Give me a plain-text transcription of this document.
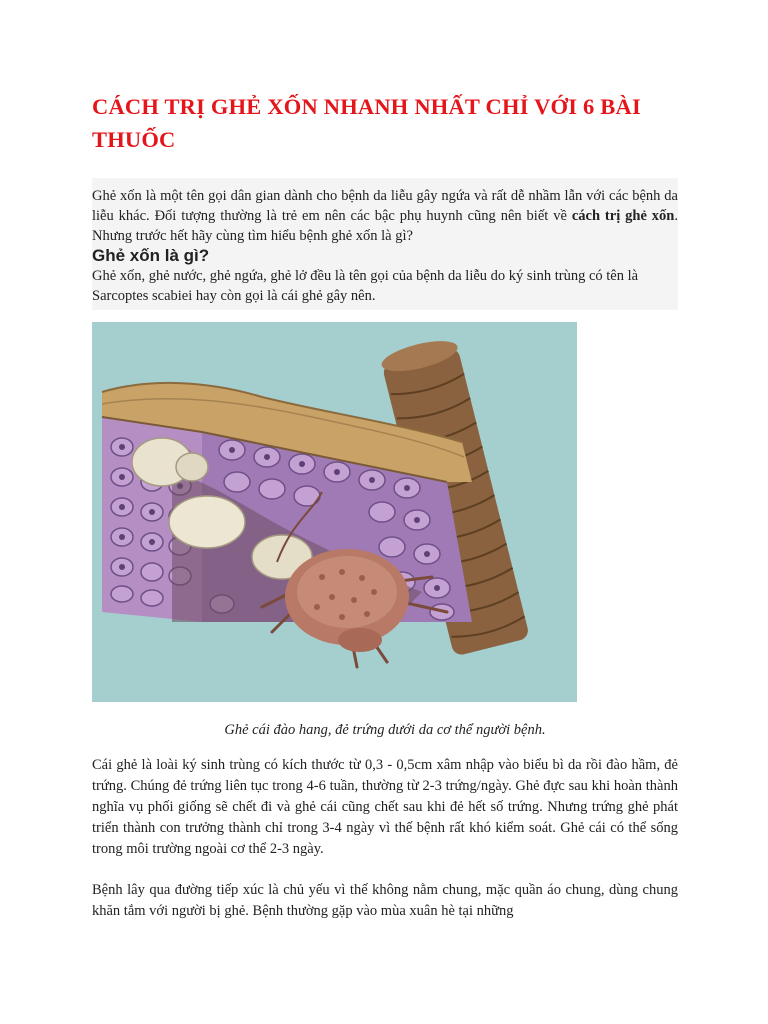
CÁCH TRỊ GHẺ XỐN NHANH NHẤT CHỈ VỚI 6 BÀI THUỐC

Ghẻ xốn là một tên gọi dân gian dành cho bệnh da liễu gây ngứa và rất dễ nhầm lẫn với các bệnh da liễu khác. Đối tượng thường là trẻ em nên các bậc phụ huynh cũng nên biết về cách trị ghẻ xốn. Nhưng trước hết hãy cùng tìm hiểu bệnh ghẻ xốn là gì?

Ghẻ xốn là gì?

Ghẻ xốn, ghẻ nước, ghẻ ngứa, ghẻ lở đều là tên gọi của bệnh da liễu do ký sinh trùng có tên là Sarcoptes scabiei hay còn gọi là cái ghẻ gây nên.

Ghẻ cái đào hang, đẻ trứng dưới da cơ thể người bệnh.

Cái ghẻ là loài ký sinh trùng có kích thước từ 0,3 - 0,5cm xâm nhập vào biểu bì da rồi đào hầm, đẻ trứng. Chúng đẻ trứng liên tục trong 4-6 tuần, thường từ 2-3 trứng/ngày. Ghẻ đực sau khi hoàn thành nghĩa vụ phối giống sẽ chết đi và ghẻ cái cũng chết sau khi đẻ hết số trứng. Nhưng trứng ghẻ phát triển thành con trưởng thành chỉ trong 3-4 ngày vì thế bệnh rất khó kiểm soát. Ghẻ cái có thể sống trong môi trường ngoài cơ thể 2-3 ngày.

Bệnh lây qua đường tiếp xúc là chủ yếu vì thế không nằm chung, mặc quần áo chung, dùng chung khăn tắm với người bị ghẻ. Bệnh thường gặp vào mùa xuân hè tại những
